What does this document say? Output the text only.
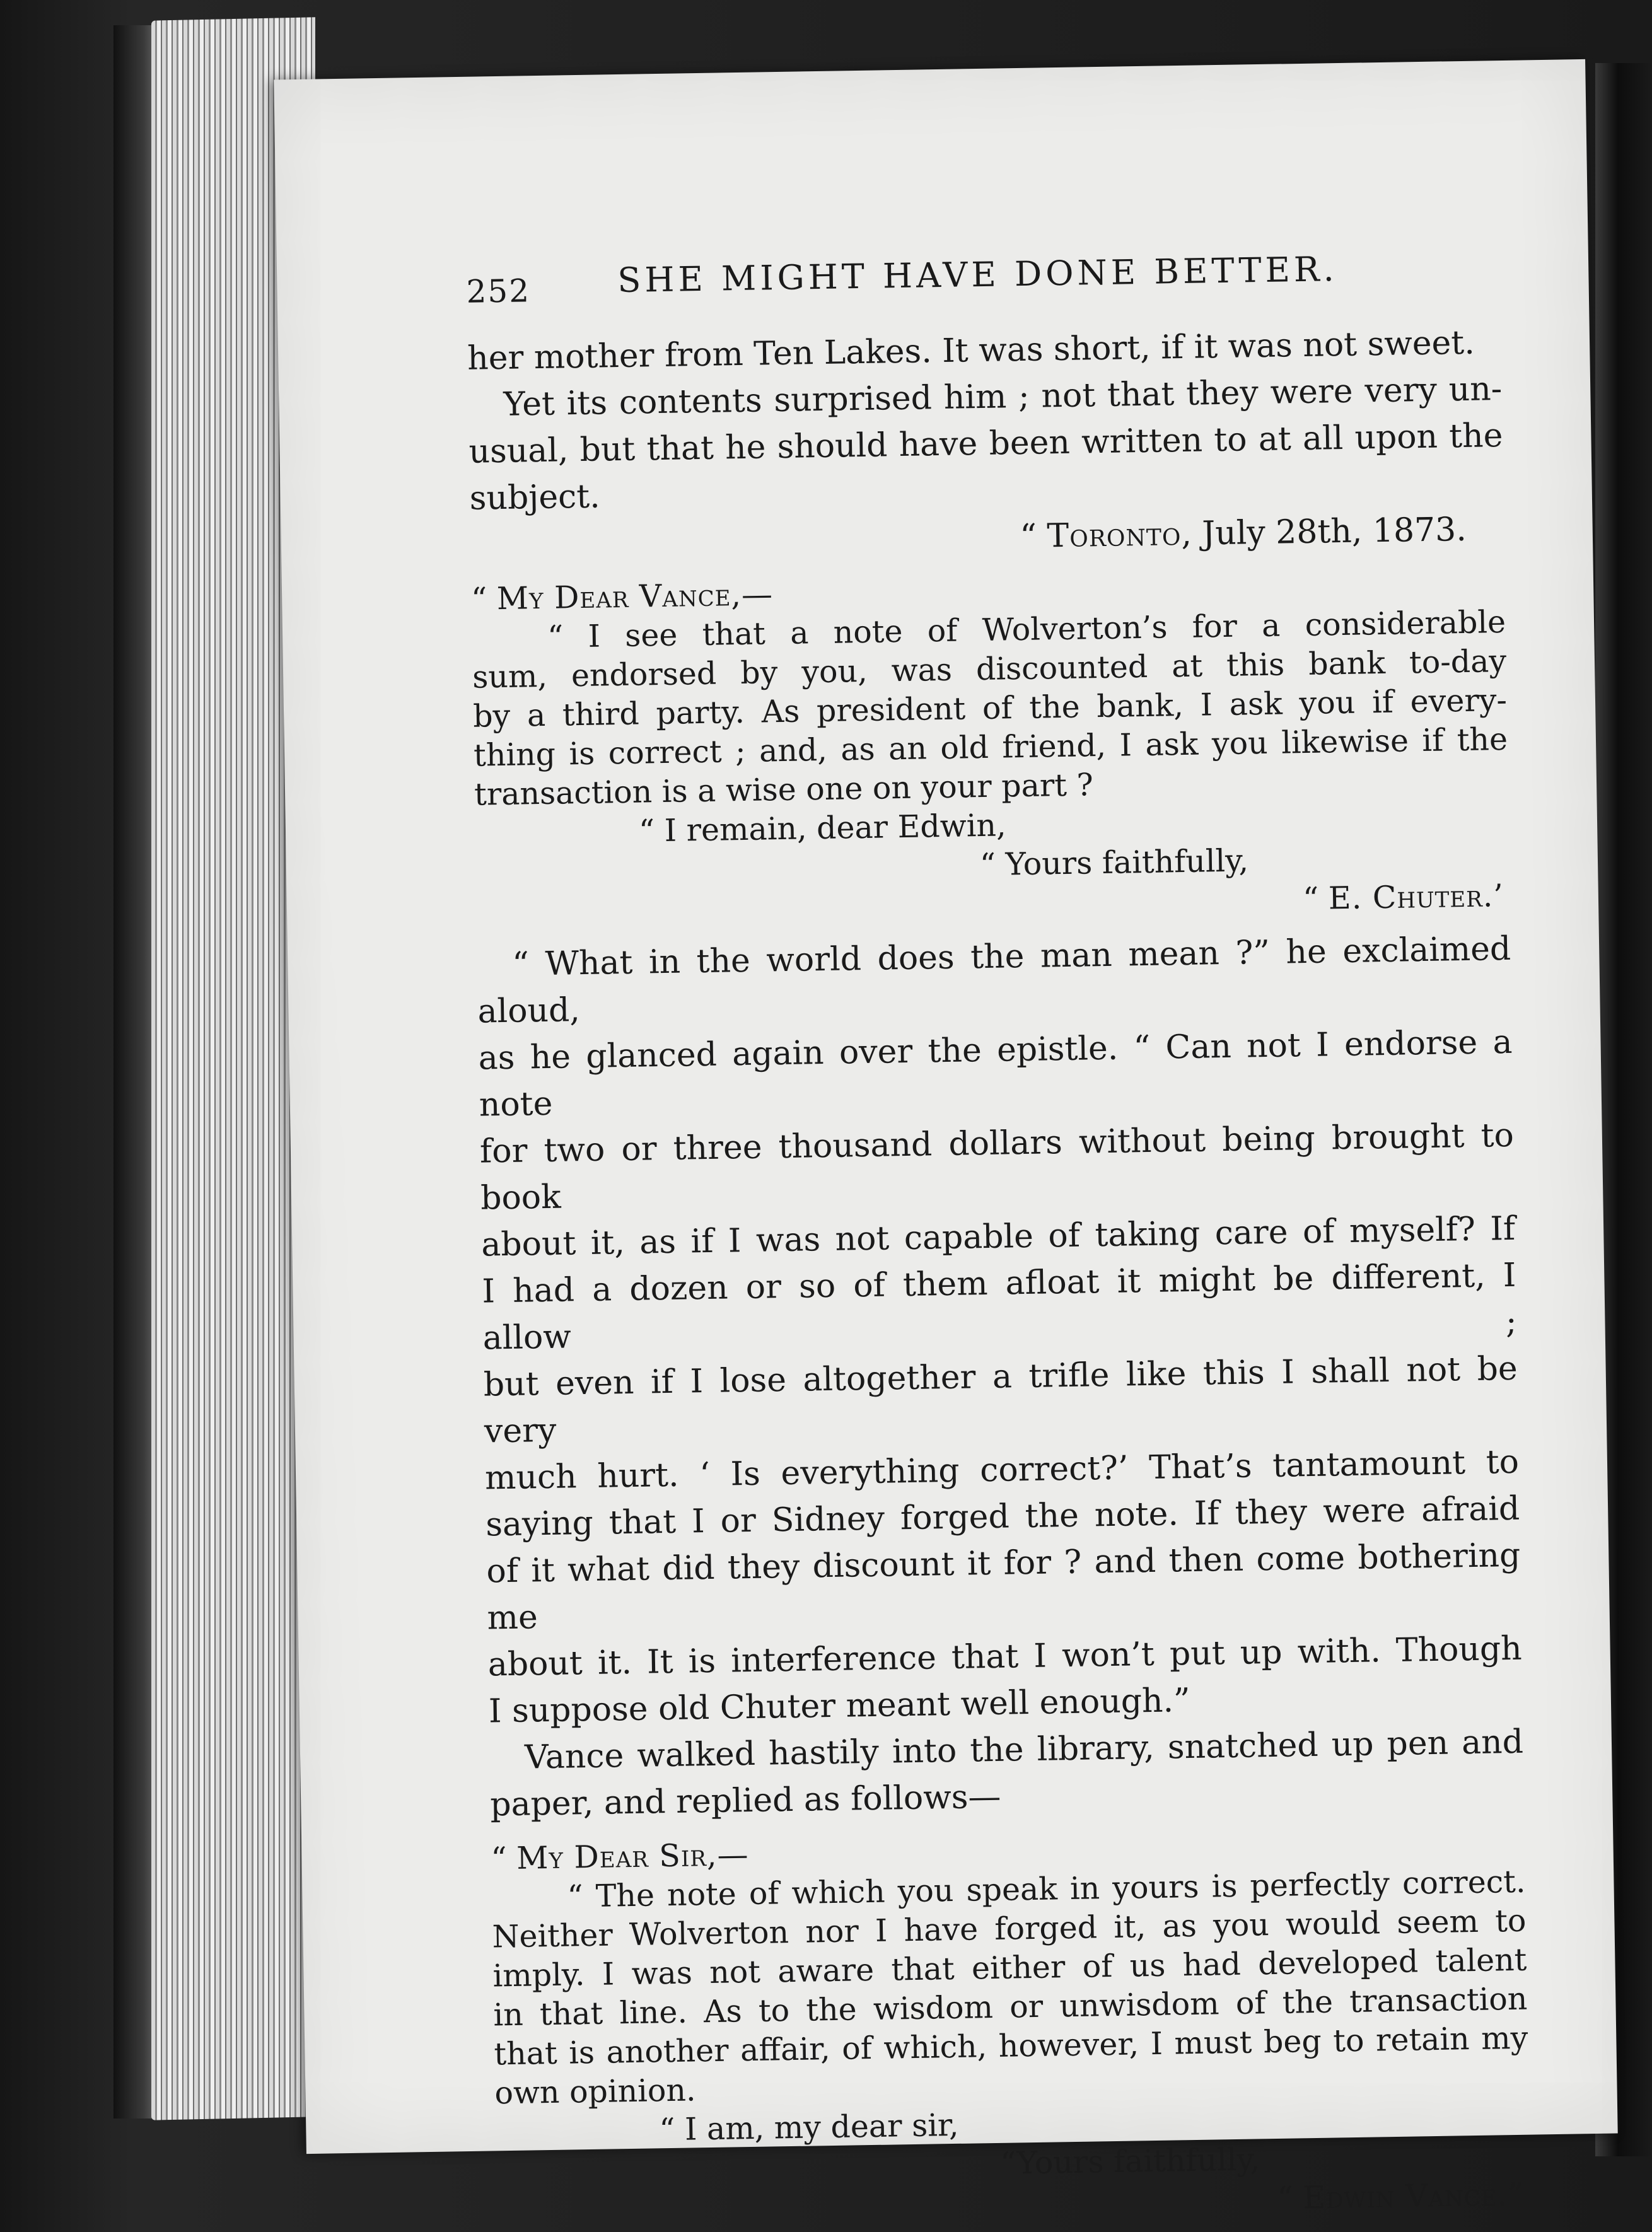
252	SHE MIGHT HAVE DONE BETTER.

her mother from Ten Lakes. It was short, if it was not sweet.

Yet its contents surprised him ; not that they were very un-

usual, but that he should have been written to at all upon the

subject.

“ Toronto, July 28th, 1873.

“ My Dear Vance,—

“ I see that a note of Wolverton’s for a considerable

sum, endorsed by you, was discounted at this bank to-day

by a third party. As president of the bank, I ask you if every-

thing is correct ; and, as an old friend, I ask you likewise if the

transaction is a wise one on your part ?

“ I remain, dear Edwin,

“ Yours faithfully,

“ E. Chuter.’

“ What in the world does the man mean ?” he exclaimed aloud,

as he glanced again over the epistle. “ Can not I endorse a note

for two or three thousand dollars without being brought to book

about it, as if I was not capable of taking care of myself? If

I had a dozen or so of them afloat it might be different, I allow ;

but even if I lose altogether a trifle like this I shall not be very

much hurt. ‘ Is everything correct?’ That’s tantamount to

saying that I or Sidney forged the note. If they were afraid

of it what did they discount it for ? and then come bothering me

about it. It is interference that I won’t put up with. Though

I suppose old Chuter meant well enough.”

Vance walked hastily into the library, snatched up pen and

paper, and replied as follows—

“ My Dear Sir,—

“ The note of which you speak in yours is perfectly correct.

Neither Wolverton nor I have forged it, as you would seem to

imply. I was not aware that either of us had developed talent

in that line. As to the wisdom or unwisdom of the transaction

that is another affair, of which, however, I must beg to retain my

own opinion.

“ I am, my dear sir,

“Yours faithfully,

“ Edwin Vance.”
